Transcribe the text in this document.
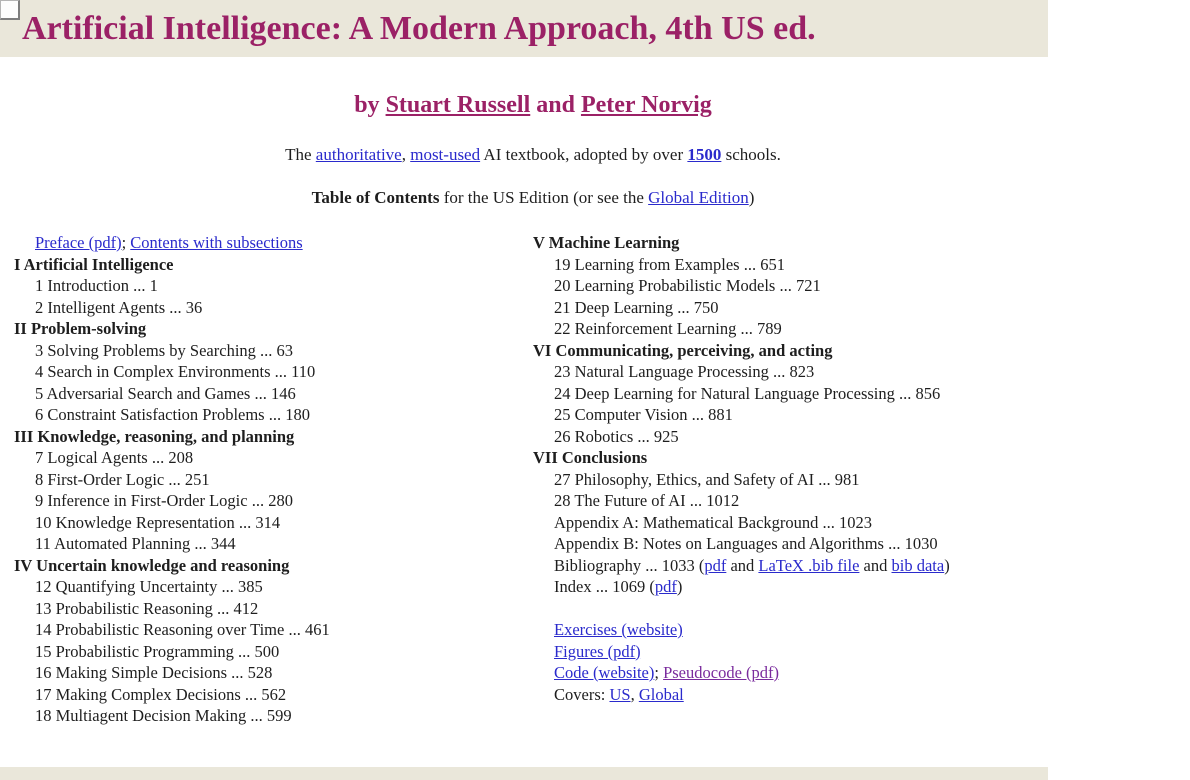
Artificial Intelligence: A Modern Approach, 4th US ed.
by Stuart Russell and Peter Norvig

The authoritative, most-used AI textbook, adopted by over 1500 schools.

Table of Contents for the US Edition (or see the Global Edition)

Preface (pdf); Contents with subsections
I Artificial Intelligence
1 Introduction ... 1
2 Intelligent Agents ... 36
II Problem-solving
3 Solving Problems by Searching ... 63
4 Search in Complex Environments ... 110
5 Adversarial Search and Games ... 146
6 Constraint Satisfaction Problems ... 180
III Knowledge, reasoning, and planning
7 Logical Agents ... 208
8 First-Order Logic ... 251
9 Inference in First-Order Logic ... 280
10 Knowledge Representation ... 314
11 Automated Planning ... 344
IV Uncertain knowledge and reasoning
12 Quantifying Uncertainty ... 385
13 Probabilistic Reasoning ... 412
14 Probabilistic Reasoning over Time ... 461
15 Probabilistic Programming ... 500
16 Making Simple Decisions ... 528
17 Making Complex Decisions ... 562
18 Multiagent Decision Making ... 599
V Machine Learning
19 Learning from Examples ... 651
20 Learning Probabilistic Models ... 721
21 Deep Learning ... 750
22 Reinforcement Learning ... 789
VI Communicating, perceiving, and acting
23 Natural Language Processing ... 823
24 Deep Learning for Natural Language Processing ... 856
25 Computer Vision ... 881
26 Robotics ... 925
VII Conclusions
27 Philosophy, Ethics, and Safety of AI ... 981
28 The Future of AI ... 1012
Appendix A: Mathematical Background ... 1023
Appendix B: Notes on Languages and Algorithms ... 1030
Bibliography ... 1033 (pdf and LaTeX .bib file and bib data)
Index ... 1069 (pdf)
Exercises (website)
Figures (pdf)
Code (website); Pseudocode (pdf)
Covers: US, Global
